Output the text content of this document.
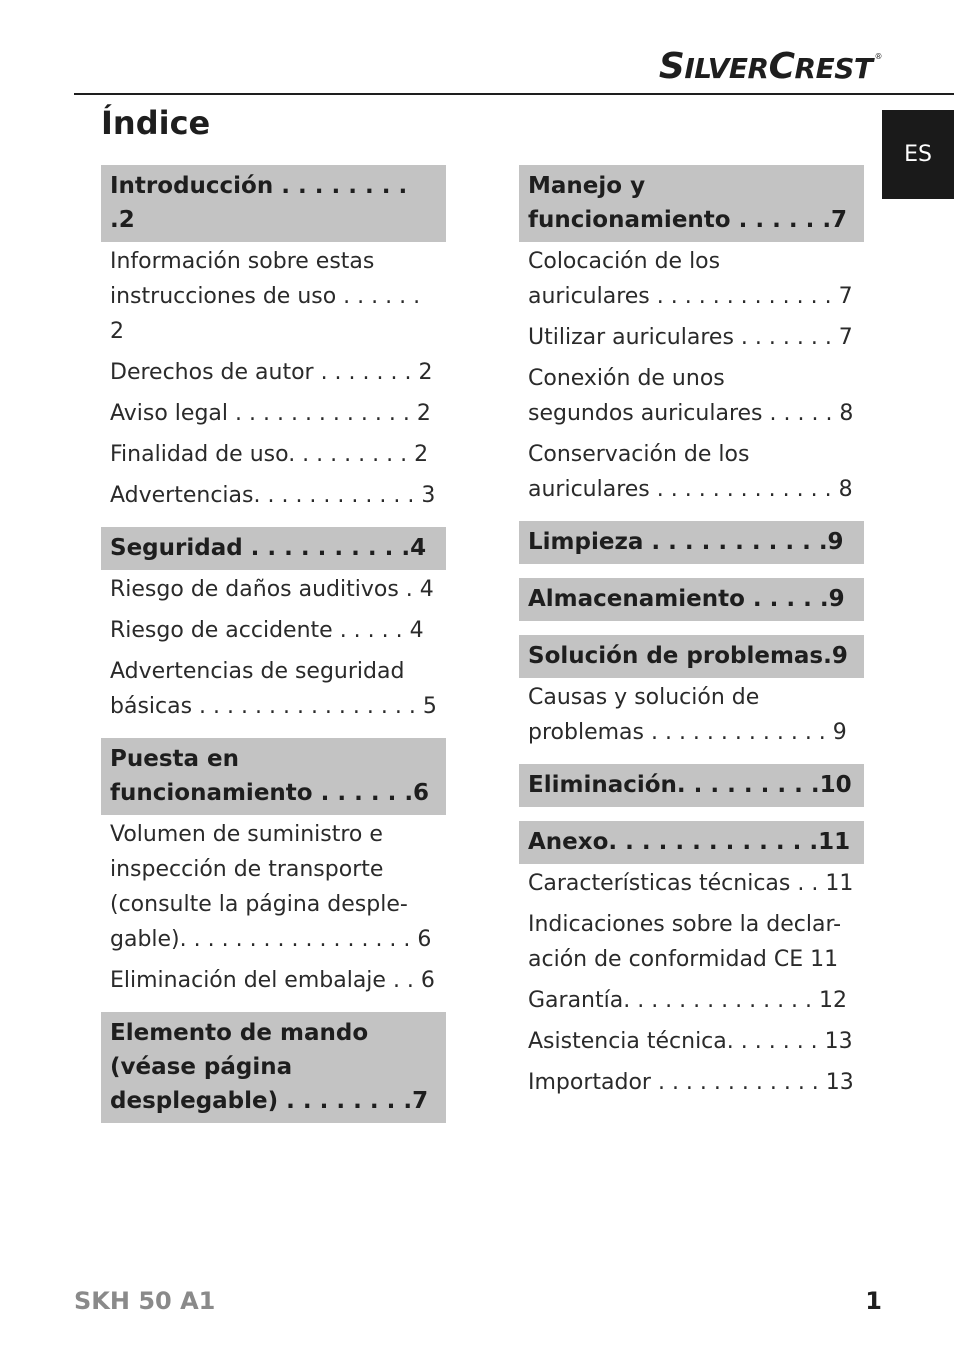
SILVERCREST ®
ES
Índice
Introducción . . . . . . . . .2
Información sobre estas
instrucciones de uso . . . . . . 2
Derechos de autor . . . . . . . 2
Aviso legal . . . . . . . . . . . . . 2
Finalidad de uso. . . . . . . . . 2
Advertencias. . . . . . . . . . . . 3
Seguridad . . . . . . . . . .4
Riesgo de daños auditivos . 4
Riesgo de accidente . . . . . 4
Advertencias de seguridad
básicas . . . . . . . . . . . . . . . . 5
Puesta en
funcionamiento . . . . . .6
Volumen de suministro e
inspección de transporte
(consulte la página desple-
gable). . . . . . . . . . . . . . . . . 6
Eliminación del embalaje . . 6
Elemento de mando
(véase página
desplegable) . . . . . . . .7
Manejo y
funcionamiento . . . . . .7
Colocación de los
auriculares . . . . . . . . . . . . . 7
Utilizar auriculares . . . . . . . 7
Conexión de unos
segundos auriculares . . . . . 8
Conservación de los
auriculares . . . . . . . . . . . . . 8
Limpieza . . . . . . . . . . .9
Almacenamiento . . . . .9
Solución de problemas.9
Causas y solución de
problemas . . . . . . . . . . . . . 9
Eliminación. . . . . . . . .10
Anexo. . . . . . . . . . . . .11
Características técnicas . . 11
Indicaciones sobre la declar-
ación de conformidad CE 11
Garantía. . . . . . . . . . . . . . 12
Asistencia técnica. . . . . . . 13
Importador . . . . . . . . . . . . 13
SKH 50 A1	1
